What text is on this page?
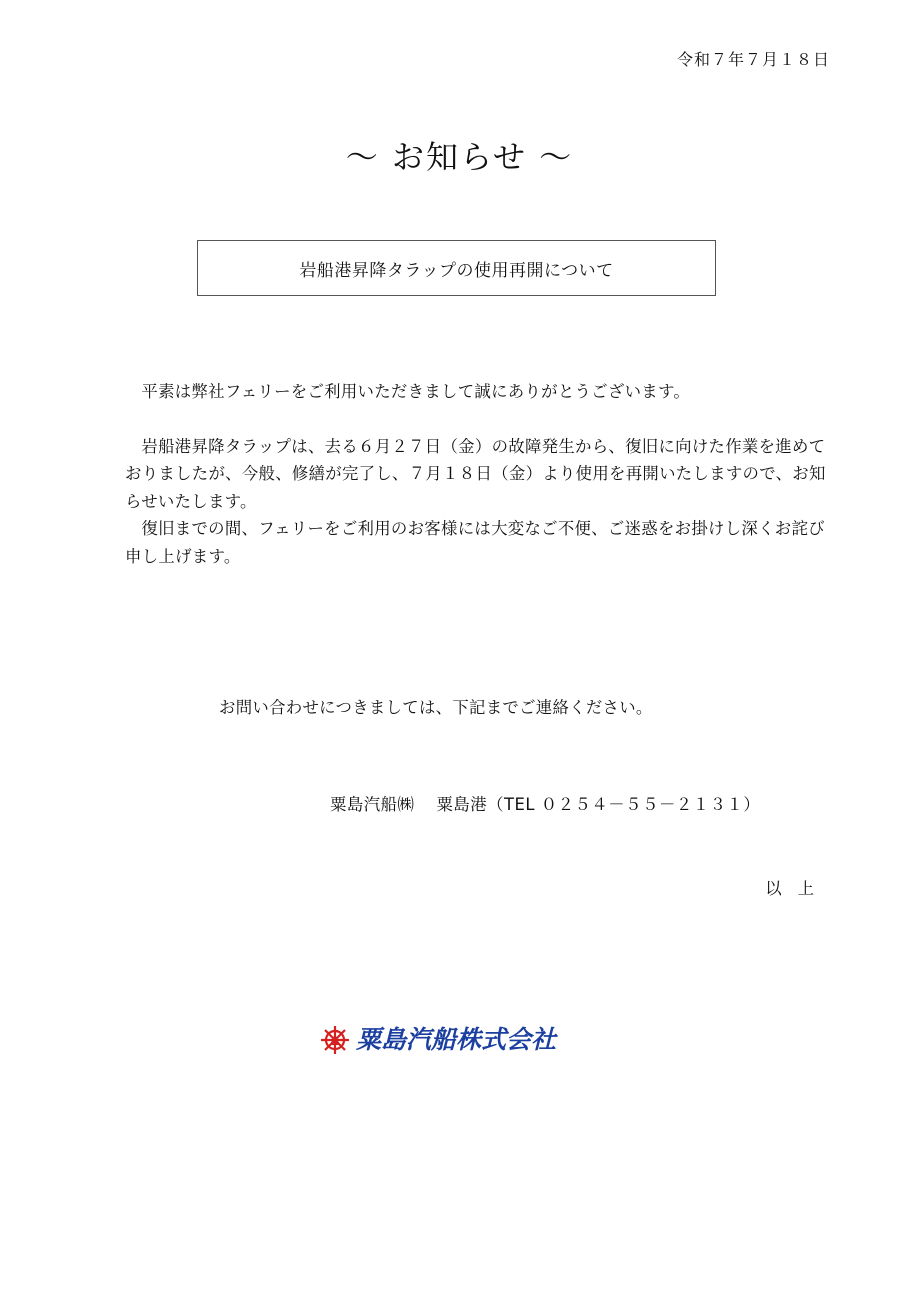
令和７年７月１８日
～ お知らせ ～
岩船港昇降タラップの使用再開について

平素は弊社フェリーをご利用いただきまして誠にありがとうございます。

岩船港昇降タラップは、去る６月２７日（金）の故障発生から、復旧に向けた作業を進めておりましたが、今般、修繕が完了し、７月１８日（金）より使用を再開いたしますので、お知らせいたします。

復旧までの間、フェリーをご利用のお客様には大変なご不便、ご迷惑をお掛けし深くお詫び申し上げます。

お問い合わせにつきましては、下記までご連絡ください。
粟島汽船㈱ 粟島港（TEL ０２５４－５５－２１３１）
以上
粟島汽船株式会社
